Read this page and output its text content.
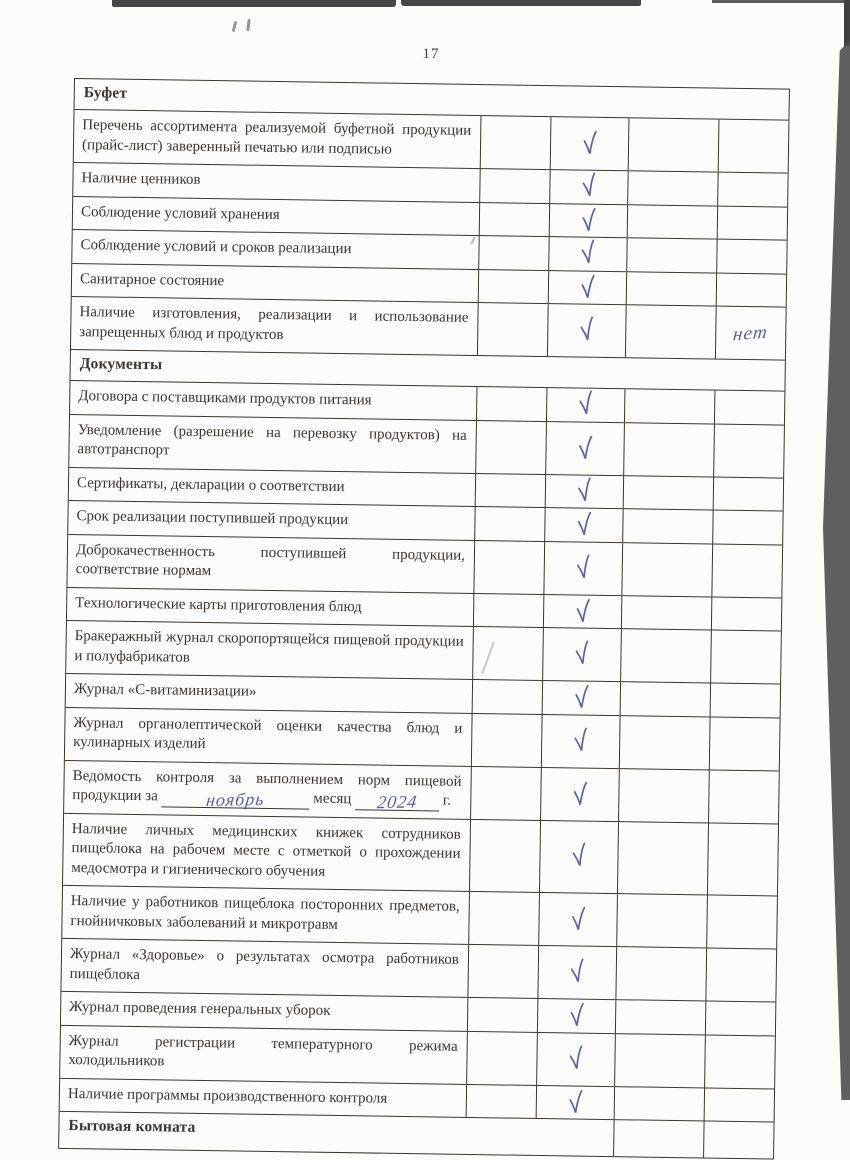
17
Буфет
Перечень ассортимента реализуемой буфетной продукции (прайс-лист) заверенный печатью или подписью
Наличие ценников
Соблюдение условий хранения
Соблюдение условий и сроков реализации
Санитарное состояние
Наличие изготовления, реализации и использование запрещенных блюд и продуктов	нет
Документы
Договора с поставщиками продуктов питания
Уведомление (разрешение на перевозку продуктов) на автотранспорт
Сертификаты, декларации о соответствии
Срок реализации поступившей продукции
Доброкачественность поступившей продукции, соответствие нормам
Технологические карты приготовления блюд
Бракеражный журнал скоропортящейся пищевой продукции и полуфабрикатов
Журнал «С-витаминизации»
Журнал органолептической оценки качества блюд и кулинарных изделий
Ведомость контроля за выполнением норм пищевой продукции за ноябрь	месяц 2024 г.
Наличие личных медицинских книжек сотрудников пищеблока на рабочем месте с отметкой о прохождении медосмотра и гигиенического обучения
Наличие у работников пищеблока посторонних предметов, гнойничковых заболеваний и микротравм
Журнал «Здоровье» о результатах осмотра работников пищеблока
Журнал проведения генеральных уборок
Журнал регистрации температурного режима холодильников
Наличие программы производственного контроля
Бытовая комната
